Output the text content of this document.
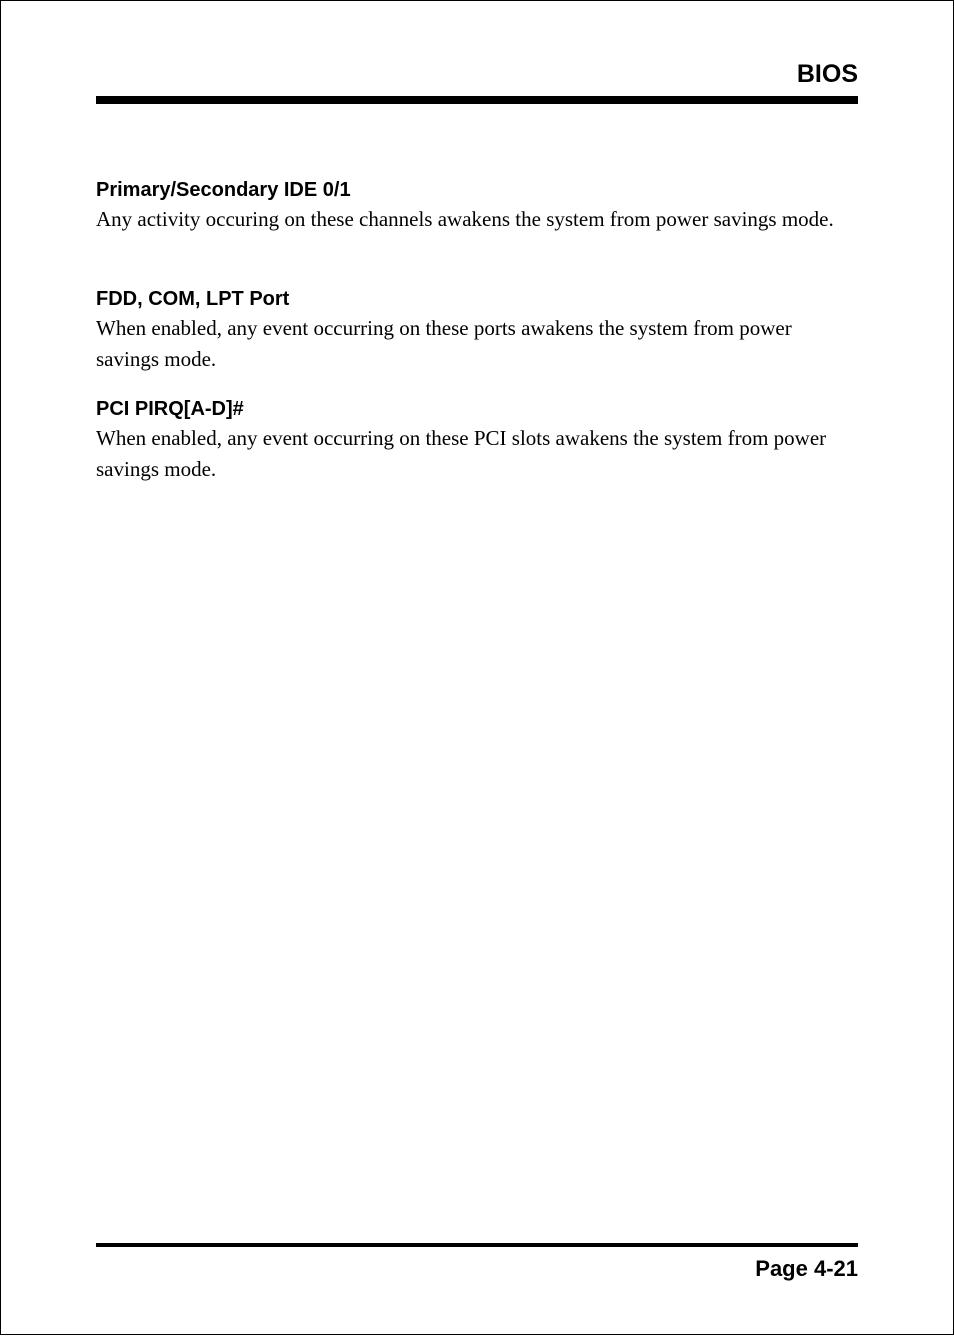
BIOS

Primary/Secondary IDE 0/1

Any activity occuring on these channels awakens the system from power savings mode.

FDD, COM, LPT Port

When enabled, any event occurring on these ports awakens the system from power savings mode.

PCI PIRQ[A-D]#

When enabled, any event occurring on these PCI slots awakens the system from power savings mode.

Page 4-21
